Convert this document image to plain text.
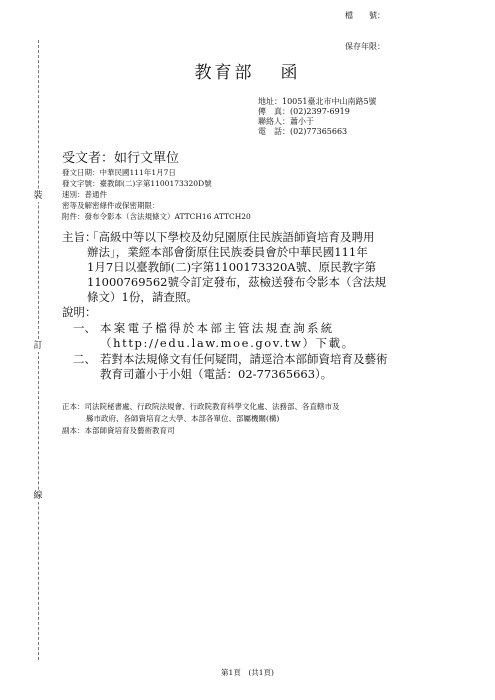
裝
訂
線
檔　　號：
保存年限：
教育部 函
地址：10051臺北市中山南路5號
傳　真：(02)2397-6919
聯絡人：蕭小于
電　話：(02)77365663
受文者：如行文單位
發文日期：中華民國111年1月7日
發文字號：臺教師(二)字第1100173320D號
速別：普通件
密等及解密條件或保密期限：
附件：發布令影本（含法規條文）ATTCH16 ATTCH20
主旨：
「高級中等以下學校及幼兒園原住民族語師資培育及聘用
辦法」，業經本部會銜原住民族委員會於中華民國111年
1月7日以臺教師(二)字第1100173320A號、原民教字第
11000769562號令訂定發布，茲檢送發布令影本（含法規
條文）1份，請查照。
說明：
一、 本案電子檔得於本部主管法規查詢系統
（http://edu.law.moe.gov.tw）下載。
二、 若對本法規條文有任何疑問，請逕洽本部師資培育及藝術
教育司蕭小于小姐（電話：02-77365663）。
正本：司法院秘書處、行政院法規會、行政院教育科學文化處、法務部、各直轄市及
縣市政府、各師資培育之大學、本部各單位、部屬機關(構)
副本：本部師資培育及藝術教育司
第1頁　(共1頁)
